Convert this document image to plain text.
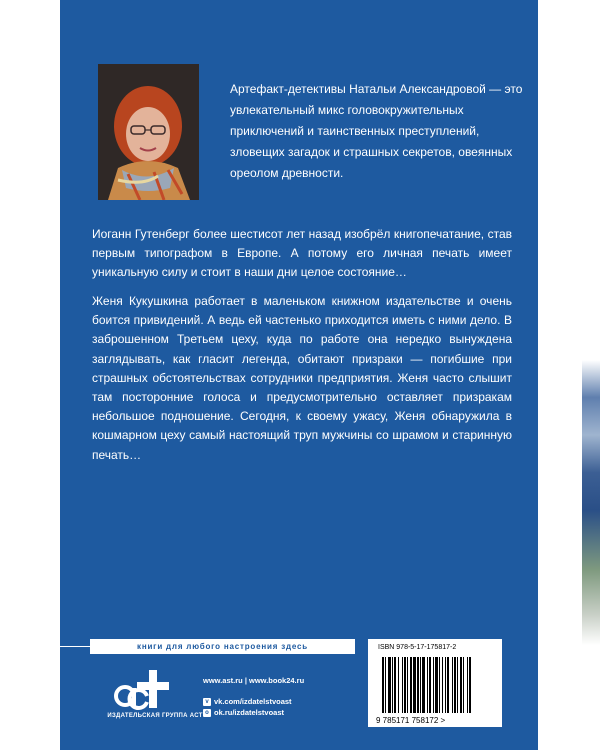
Артефакт-детективы Натальи Александровой — это увлекательный микс головокружительных приключений и таинственных преступлений, зловещих загадок и страшных секретов, овеянных ореолом древности.
Иоганн Гутенберг более шестисот лет назад изобрёл книгопечатание, став первым типографом в Европе. А потому его личная печать имеет уникальную силу и стоит в наши дни целое состояние…
Женя Кукушкина работает в маленьком книжном издательстве и очень боится привидений. А ведь ей частенько приходится иметь с ними дело. В заброшенном Третьем цеху, куда по работе она нередко вынуждена заглядывать, как гласит легенда, обитают призраки — погибшие при страшных обстоятельствах сотрудники предприятия. Женя часто слышит там посторонние голоса и предусмотрительно оставляет призракам небольшое подношение. Сегодня, к своему ужасу, Женя обнаружила в кошмарном цеху самый настоящий труп мужчины со шрамом и старинную печать…
книги для любого настроения здесь
ИЗДАТЕЛЬСКАЯ ГРУППА АСТ
www.ast.ru | www.book24.ru
v vk.com/izdatelstvoast
o ok.ru/izdatelstvoast
ISBN 978-5-17-175817-2
9 785171 758172 >
